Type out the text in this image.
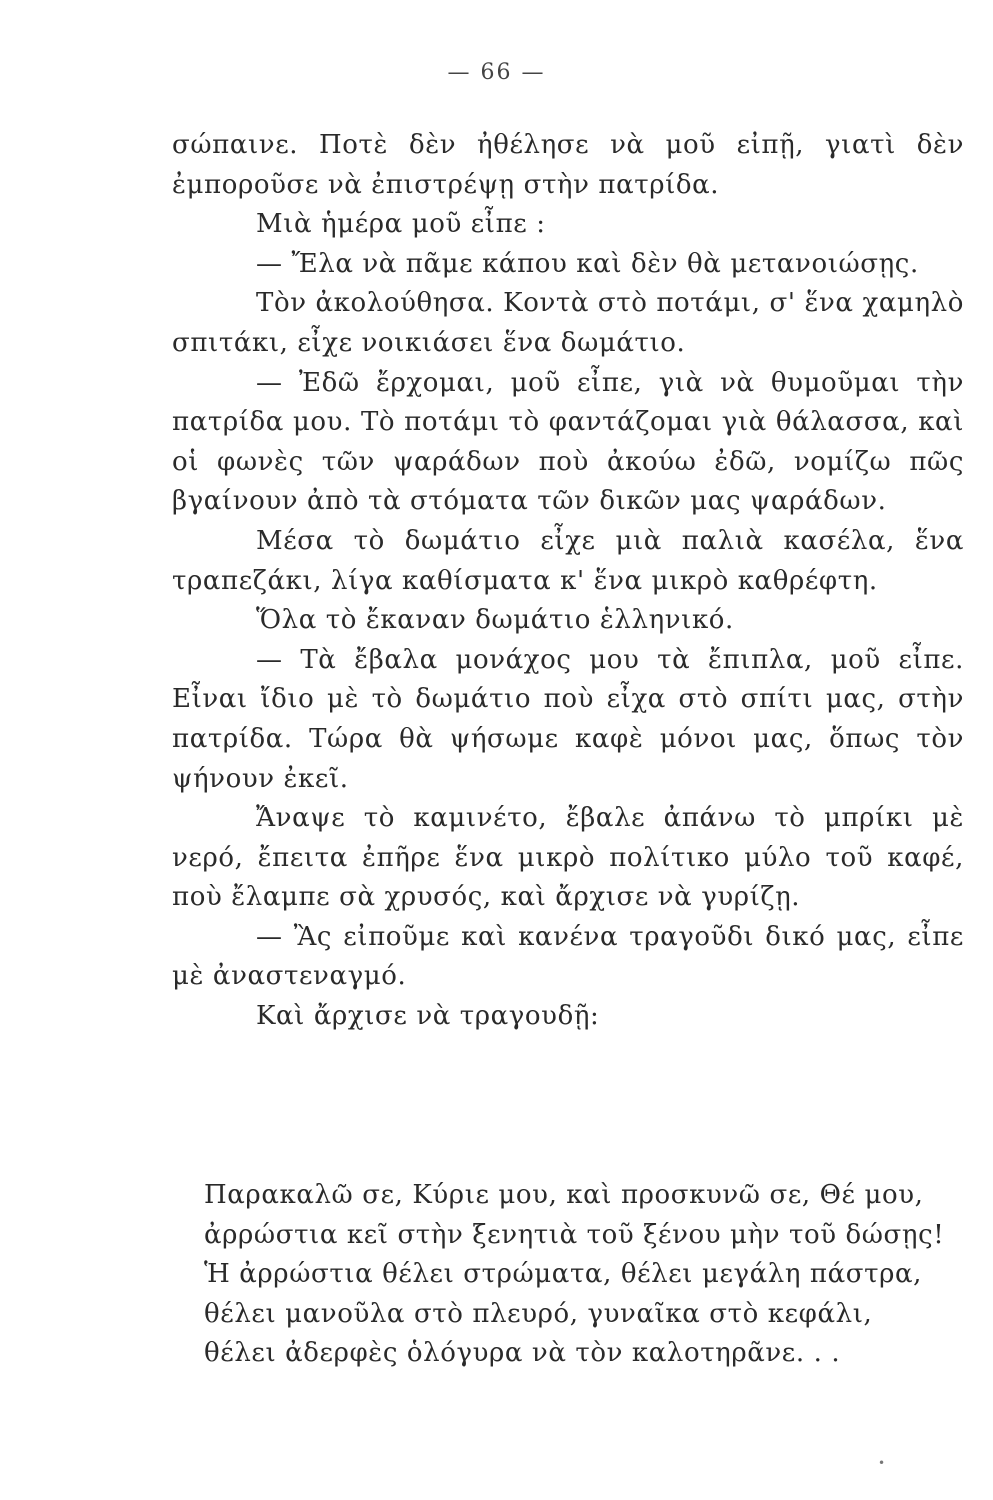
— 66 —

σώπαινε. Ποτὲ δὲν ἠθέλησε νὰ μοῦ εἰπῇ, γιατὶ δὲν ἐμποροῦσε νὰ ἐπιστρέψῃ στὴν πατρίδα.

Μιὰ ἡμέρα μοῦ εἶπε :

— Ἔλα νὰ πᾶμε κάπου καὶ δὲν θὰ μετανοιώσῃς.

Τὸν ἀκολούθησα. Κοντὰ στὸ ποτάμι, σ' ἕνα χαμηλὸ σπιτάκι, εἶχε νοικιάσει ἕνα δωμάτιο.

— Ἐδῶ ἔρχομαι, μοῦ εἶπε, γιὰ νὰ θυμοῦμαι τὴν πατρίδα μου. Τὸ ποτάμι τὸ φαντάζομαι γιὰ θάλασσα, καὶ οἱ φωνὲς τῶν ψαράδων ποὺ ἀκούω ἐδῶ, νομίζω πῶς βγαίνουν ἀπὸ τὰ στόματα τῶν δικῶν μας ψαράδων.

Μέσα τὸ δωμάτιο εἶχε μιὰ παλιὰ κασέλα, ἕνα τραπεζάκι, λίγα καθίσματα κ' ἕνα μικρὸ καθρέφτη.

Ὅλα τὸ ἔκαναν δωμάτιο ἑλληνικό.

— Τὰ ἔβαλα μονάχος μου τὰ ἔπιπλα, μοῦ εἶπε. Εἶναι ἴδιο μὲ τὸ δωμάτιο ποὺ εἶχα στὸ σπίτι μας, στὴν πατρίδα. Τώρα θὰ ψήσωμε καφὲ μόνοι μας, ὅπως τὸν ψήνουν ἐκεῖ.

Ἄναψε τὸ καμινέτο, ἔβαλε ἀπάνω τὸ μπρίκι μὲ νερό, ἔπειτα ἐπῆρε ἕνα μικρὸ πολίτικο μύλο τοῦ καφέ, ποὺ ἔλαμπε σὰ χρυσός, καὶ ἄρχισε νὰ γυρίζῃ.

— Ἂς εἰποῦμε καὶ κανένα τραγοῦδι δικό μας, εἶπε μὲ ἀναστεναγμό.

Καὶ ἄρχισε νὰ τραγουδῇ:

Παρακαλῶ σε, Κύριε μου, καὶ προσκυνῶ σε, Θέ μου,

ἀρρώστια κεῖ στὴν ξενητιὰ τοῦ ξένου μὴν τοῦ δώσῃς!

Ἡ ἀρρώστια θέλει στρώματα, θέλει μεγάλη πάστρα,

θέλει μανοῦλα στὸ πλευρό, γυναῖκα στὸ κεφάλι,

θέλει ἀδερφὲς ὁλόγυρα νὰ τὸν καλοτηρᾶνε. . .

•
